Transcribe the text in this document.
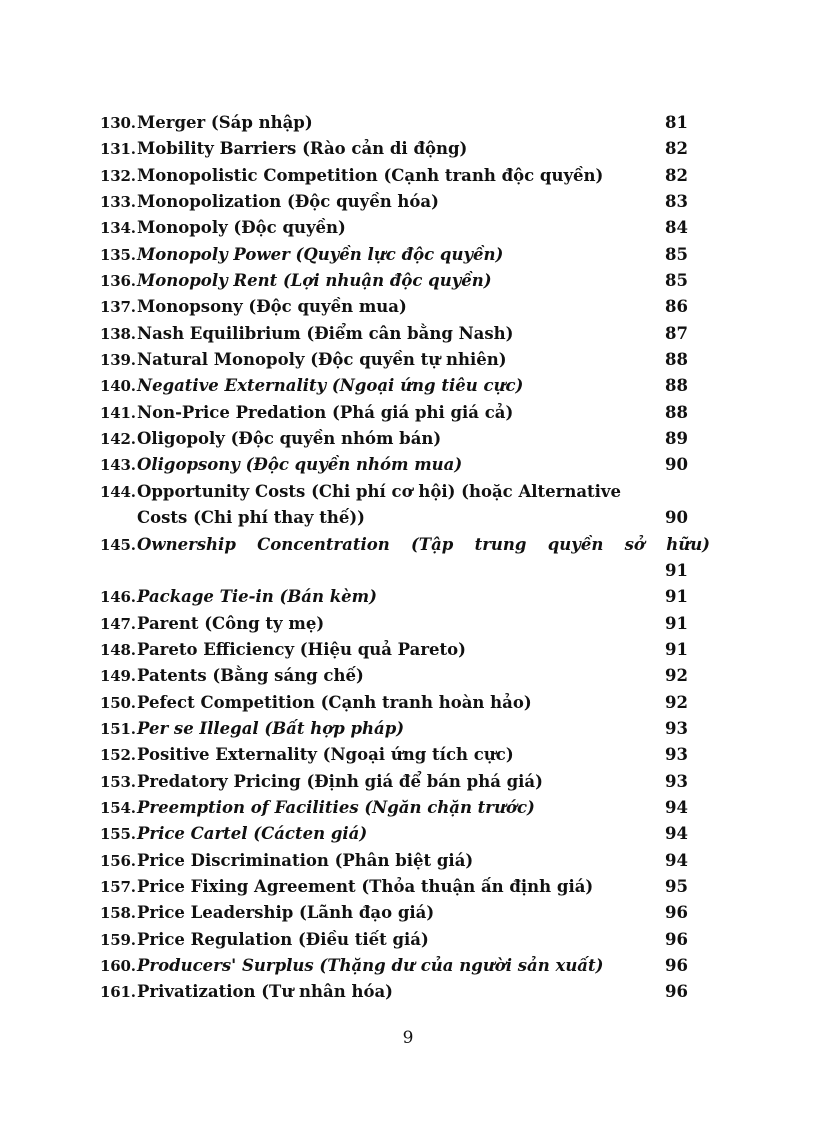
130. Merger (Sáp nhập)	81
131. Mobility Barriers (Rào cản di động)	82
132. Monopolistic Competition (Cạnh tranh độc quyền)	82
133. Monopolization (Độc quyền hóa)	83
134. Monopoly (Độc quyền)	84
135. Monopoly Power (Quyền lực độc quyền)	85
136. Monopoly Rent (Lợi nhuận độc quyền)	85
137. Monopsony (Độc quyền mua)	86
138. Nash Equilibrium (Điểm cân bằng Nash)	87
139. Natural Monopoly (Độc quyền tự nhiên)	88
140. Negative Externality (Ngoại ứng tiêu cực)	88
141. Non-Price Predation (Phá giá phi giá cả)	88
142. Oligopoly (Độc quyền nhóm bán)	89
143. Oligopsony (Độc quyền nhóm mua)	90
144. Opportunity Costs (Chi phí cơ hội) (hoặc Alternative
Costs (Chi phí thay thế))	90
145. Ownership Concentration (Tập trung quyền sở hữu)
91
146. Package Tie-in (Bán kèm)	91
147. Parent (Công ty mẹ)	91
148. Pareto Efficiency (Hiệu quả Pareto)	91
149. Patents (Bằng sáng chế)	92
150. Pefect Competition (Cạnh tranh hoàn hảo)	92
151. Per se Illegal (Bất hợp pháp)	93
152. Positive Externality (Ngoại ứng tích cực)	93
153. Predatory Pricing (Định giá để bán phá giá)	93
154. Preemption of Facilities (Ngăn chặn trước)	94
155. Price Cartel (Cácten giá)	94
156. Price Discrimination (Phân biệt giá)	94
157. Price Fixing Agreement (Thỏa thuận ấn định giá)	95
158. Price Leadership (Lãnh đạo giá)	96
159. Price Regulation (Điều tiết giá)	96
160. Producers' Surplus (Thặng dư của người sản xuất)	96
161. Privatization (Tư nhân hóa)	96
9
